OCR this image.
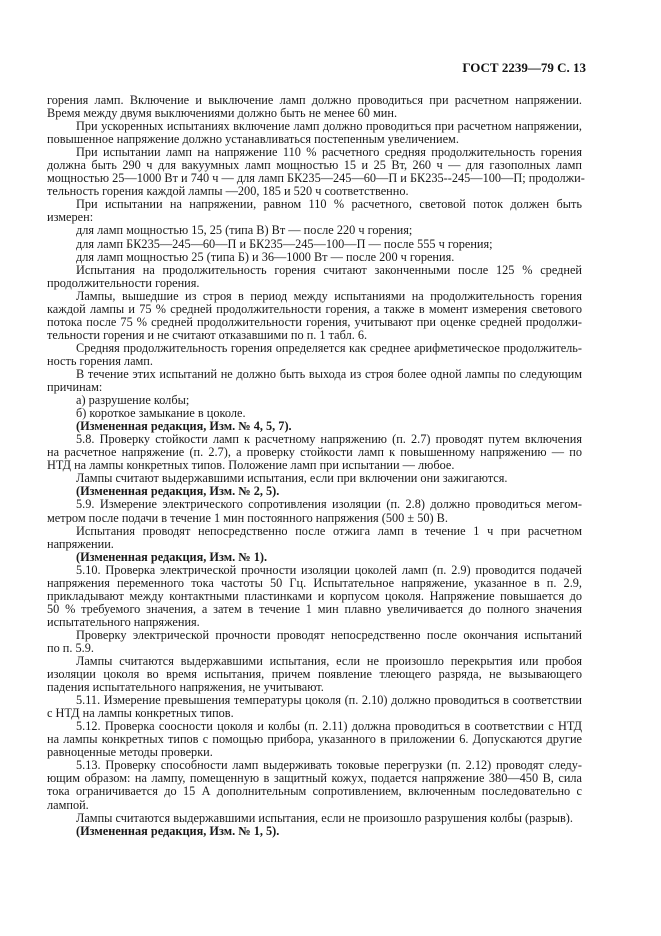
ГОСТ 2239—79 С. 13
горения ламп. Включение и выключение ламп должно проводиться при расчетном напряжении.
Время между двумя выключениями должно быть не менее 60 мин.
При ускоренных испытаниях включение ламп должно проводиться при расчетном напряжении,
повышенное напряжение должно устанавливаться постепенным увеличением.
При испытании ламп на напряжение 110 % расчетного средняя продолжительность горения
должна быть 290 ч для вакуумных ламп мощностью 15 и 25 Вт, 260 ч — для газополных ламп
мощностью 25—1000 Вт и 740 ч — для ламп БК235—245—60—П и БК235--245—100—П; продолжи-
тельность горения каждой лампы —200, 185 и 520 ч соответственно.
При испытании на напряжении, равном 110 % расчетного, световой поток должен быть
измерен:
для ламп мощностью 15, 25 (типа В) Вт — после 220 ч горения;
для ламп БК235—245—60—П и БК235—245—100—П — после 555 ч горения;
для ламп мощностью 25 (типа Б) и 36—1000 Вт — после 200 ч горения.
Испытания на продолжительность горения считают законченными после 125 % средней
продолжительности горения.
Лампы, вышедшие из строя в период между испытаниями на продолжительность горения
каждой лампы и 75 % средней продолжительности горения, а также в момент измерения светового
потока после 75 % средней продолжительности горения, учитывают при оценке средней продолжи-
тельности горения и не считают отказавшими по п. 1 табл. 6.
Средняя продолжительность горения определяется как среднее арифметическое продолжитель-
ность горения ламп.
В течение этих испытаний не должно быть выхода из строя более одной лампы по следующим
причинам:
а) разрушение колбы;
б) короткое замыкание в цоколе.
(Измененная редакция, Изм. № 4, 5, 7).
5.8. Проверку стойкости ламп к расчетному напряжению (п. 2.7) проводят путем включения
на расчетное напряжение (п. 2.7), а проверку стойкости ламп к повышенному напряжению — по
НТД на лампы конкретных типов. Положение ламп при испытании — любое.
Лампы считают выдержавшими испытания, если при включении они зажигаются.
(Измененная редакция, Изм. № 2, 5).
5.9. Измерение электрического сопротивления изоляции (п. 2.8) должно проводиться мегом-
метром после подачи в течение 1 мин постоянного напряжения (500 ± 50) В.
Испытания проводят непосредственно после отжига ламп в течение 1 ч при расчетном
напряжении.
(Измененная редакция, Изм. № 1).
5.10. Проверка электрической прочности изоляции цоколей ламп (п. 2.9) проводится подачей
напряжения переменного тока частоты 50 Гц. Испытательное напряжение, указанное в п. 2.9,
прикладывают между контактными пластинками и корпусом цоколя. Напряжение повышается до
50 % требуемого значения, а затем в течение 1 мин плавно увеличивается до полного значения
испытательного напряжения.
Проверку электрической прочности проводят непосредственно после окончания испытаний
по п. 5.9.
Лампы считаются выдержавшими испытания, если не произошло перекрытия или пробоя
изоляции цоколя во время испытания, причем появление тлеющего разряда, не вызывающего
падения испытательного напряжения, не учитывают.
5.11. Измерение превышения температуры цоколя (п. 2.10) должно проводиться в соответствии
с НТД на лампы конкретных типов.
5.12. Проверка соосности цоколя и колбы (п. 2.11) должна проводиться в соответствии с НТД
на лампы конкретных типов с помощью прибора, указанного в приложении 6. Допускаются другие
равноценные методы проверки.
5.13. Проверку способности ламп выдерживать токовые перегрузки (п. 2.12) проводят следу-
ющим образом: на лампу, помещенную в защитный кожух, подается напряжение 380—450 В, сила
тока ограничивается до 15 А дополнительным сопротивлением, включенным последовательно с
лампой.
Лампы считаются выдержавшими испытания, если не произошло разрушения колбы (разрыв).
(Измененная редакция, Изм. № 1, 5).
